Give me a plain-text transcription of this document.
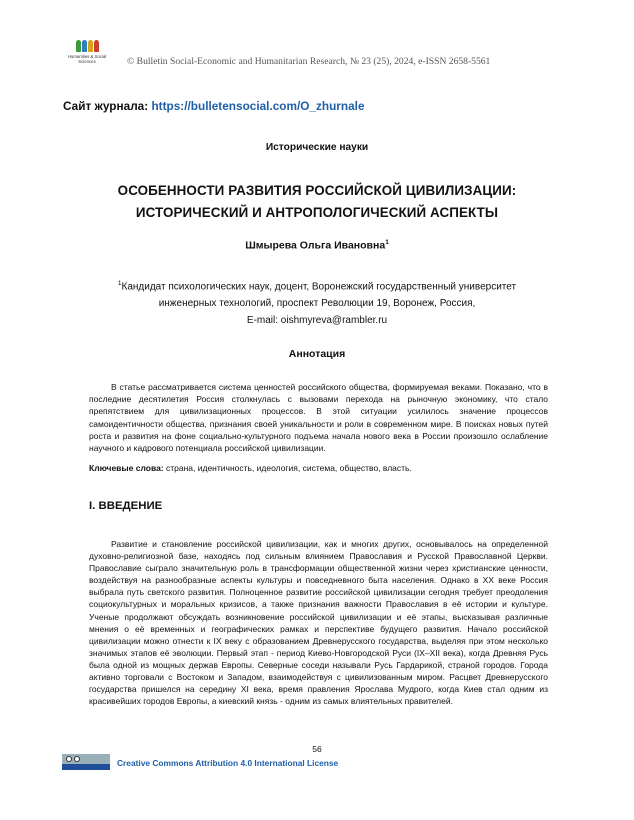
Humanities & Social
Sciences	© Bulletin Social-Economic and Humanitarian Research, № 23 (25), 2024, e-ISSN 2658-5561
Сайт журнала: https://bulletensocial.com/O_zhurnale
Исторические науки
ОСОБЕННОСТИ РАЗВИТИЯ РОССИЙСКОЙ ЦИВИЛИЗАЦИИ:
ИСТОРИЧЕСКИЙ И АНТРОПОЛОГИЧЕСКИЙ АСПЕКТЫ
Шмырева Ольга Ивановна$^1$
$^1$Кандидат психологических наук, доцент, Воронежский государственный университет
инженерных технологий, проспект Революции 19, Воронеж, Россия,
E-mail: oishmyreva@rambler.ru
Аннотация

В статье рассматривается система ценностей российского общества, формируемая веками. Показано, что в последние десятилетия Россия столкнулась с вызовами перехода на рыночную экономику, что стало препятствием для цивилизационных процессов. В этой ситуации усилилось значение процессов самоидентичности общества, признания своей уникальности и роли в современном мире. В поисках новых путей роста и развития на фоне социально-культурного подъема начала нового века в России произошло ослабление научного и кадрового потенциала российской цивилизации.

Ключевые слова: страна, идентичность, идеология, система, общество, власть.

I. ВВЕДЕНИЕ

Развитие и становление российской цивилизации, как и многих других, основывалось на определенной духовно-религиозной базе, находясь под сильным влиянием Православия и Русской Православной Церкви. Православие сыграло значительную роль в трансформации общественной жизни через христианские ценности, воздействуя на разнообразные аспекты культуры и повседневного быта населения. Однако в ХХ веке Россия выбрала путь светского развития. Полноценное развитие российской цивилизации сегодня требует преодоления социокультурных и моральных кризисов, а также признания важности Православия в её истории и культуре. Ученые продолжают обсуждать возникновение российской цивилизации и её этапы, высказывая различные мнения о её временных и географических рамках и перспективе будущего развития. Начало российской цивилизации можно отнести к IX веку с образованием Древнерусского государства, выделяя при этом несколько значимых этапов её эволюции. Первый этап - период Киево-Новгородской Руси (IX–XII века), когда Древняя Русь была одной из мощных держав Европы. Северные соседи называли Русь Гардарикой, страной городов. Города активно торговали с Востоком и Западом, взаимодействуя с цивилизованным миром. Расцвет Древнерусского государства пришелся на середину XI века, время правления Ярослава Мудрого, когда Киев стал одним из красивейших городов Европы, а киевский князь - одним из самых влиятельных правителей.

56
Creative Commons Attribution 4.0 International License
